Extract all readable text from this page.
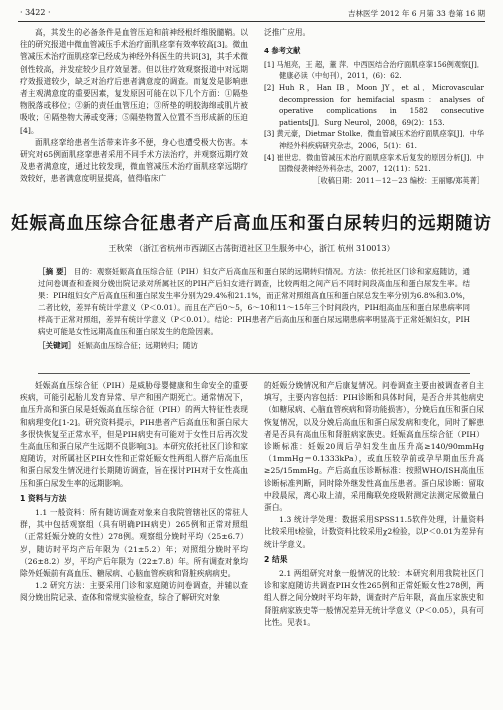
· 3422 ·	吉林医学 2012 年 6 月第 33 卷第 16 期

高，其发生的必备条件是血管压迫和前神经根纤维脱髓鞘。以往的研究报道中微血管减压手术治疗面肌痉挛有效率较高[3]。微血管减压术治疗面肌痉挛已经成为神经外科医生的共识[3]，其手术微创性较高，并发症较少且疗效显著。但以往疗效观察报道中对远期疗效报道较少，缺乏对治疗后患者满意度的调查。而复发是影响患者主观满意度的重要因素，复发原因可能在以下几个方面：①隔垫物脱落或移位；②新的责任血管压迫；③所垫的明胶海绵或肌片被吸收；④隔垫物大薄或变薄；⑤隔垫物置入位置不当形成新的压迫[4]。

面肌痉挛给患者生活带来许多不便，身心也遭受极大伤害。本研究对65例面肌痉挛患者采用不同手术方法治疗，并观察远期疗效及患者满意度，通过比较发现，微血管减压术治疗面肌痉挛远期疗效较好，患者满意度明显提高，值得临床广

泛推广应用。

4 参考文献

[1] 马旭亮，王 超，董 萍．中西医结合治疗面肌痉挛156例观察[J]．健康必读（中旬刊），2011，(6)：62.

[2] Huh R，Han IB，Moon JY，et al．Microvascular decompression for hemifacial spasm：analyses of operative complications in 1582 consecutive patients[J]．Surg Neurol，2008，69(2)：153.

[3] 黄元豪，Dietmar Stolke．微血管减压术治疗面肌痉挛[J]．中华神经外科疾病研究杂志，2006，5(1)：61.

[4] 崔世忠．微血管减压术治疗面肌痉挛术后复发的原因分析[J]．中国微侵袭神经外科杂志，2007，12(11)：521.

［收稿日期：2011－12－23 编校：王丽娜/郑英菁］

妊娠高血压综合征患者产后高血压和蛋白尿转归的远期随访
王秋荣 （浙江省杭州市西湖区古荡街道社区卫生服务中心，浙江 杭州 310013）

［摘 要］ 目的：观察妊娠高血压综合征（PIH）妇女产后高血压和蛋白尿的远期转归情况。方法：依托社区门诊和家庭随访，通过问卷调查和查阅分娩出院记录对所属社区的PIH产后妇女进行调查，比较两组之间产后不同时间段高血压和蛋白尿发生率。结果：PIH组妇女产后高血压和蛋白尿发生率分别为29.4%和21.1%，而正常对照组高血压和蛋白尿总发生率分别为6.8%和3.0%，二者比较，差异有统计学意义（P＜0.01）。而且在产后0～5，6～10和11～15年三个时间段内，PIH组高血压和蛋白尿患病率同样高于正常对照组，差异有统计学意义（P＜0.01）。结论：PIH患者产后高血压和蛋白尿远期患病率明显高于正常妊娠妇女，PIH病史可能是女性远期高血压和蛋白尿发生的危险因素。

［关键词］ 妊娠高血压综合征；远期转归；随访

妊娠高血压综合征（PIH）是威胁母婴健康和生命安全的重要疾病，可能引起胎儿发育异常、早产和围产期死亡。通常情况下，血压升高和蛋白尿是妊娠高血压综合征（PIH）的两大特征性表现和病理变化[1-2]。研究资料提示，PIH患者产后高血压和蛋白尿大多很快恢复至正常水平，但是PIH病史有可能对于女性日后再次发生高血压和蛋白尿产生远期不良影响[3]。本研究依托社区门诊和家庭随访，对所属社区PIH女性和正常妊娠女性两组人群产后高血压和蛋白尿发生情况进行长期随访调查，旨在探讨PIH对于女性高血压和蛋白尿发生率的远期影响。

1 资料与方法

1.1 一般资料：所有随访调查对象来自我院管辖社区的常驻人群，其中包括观察组（具有明确PIH病史）265例和正常对照组（正常妊娠分娩的女性）278例。观察组分娩时平均（25±6.7）岁，随访时平均产后年限为（21±5.2）年；对照组分娩时平均（26±8.2）岁，平均产后年限为（22±7.8）年。所有调查对象均除外妊娠前有高血压、糖尿病、心脑血管疾病和肾脏疾病病史。

1.2 研究方法：主要采用门诊和家庭随访问卷调查，并辅以查阅分娩出院记录、查体和常规实验检查，综合了解研究对象

的妊娠分娩情况和产后康复情况。问卷调查主要由被调查者自主填写，主要内容包括：PIH诊断和具体时间，是否合并其他病史（如糖尿病、心脑血管疾病和肾功能损害），分娩后血压和蛋白尿恢复情况，以及分娩后高血压和蛋白尿发病和变化，同时了解患者是否具有高血压和肾脏病家族史。妊娠高血压综合征（PIH）诊断标准：妊娠20周后孕妇发生血压升高≥140/90mmHg（1mmHg＝0.1333kPa），或血压较孕前或孕早期血压升高≥25/15mmHg。产后高血压诊断标准：按照WHO/ISH高血压诊断标准判断，同时除外继发性高血压患者。蛋白尿诊断：留取中段晨尿，离心取上清，采用酶联免疫吸附测定法测定尿微量白蛋白。

1.3 统计学处理：数据采用SPSS11.5软件处理，计量资料比较采用t检验，计数资料比较采用χ2检验，以P＜0.01为差异有统计学意义。

2 结果

2.1 两组研究对象一般情况的比较：本研究利用我院社区门诊和家庭随访共调查PIH女性265例和正常妊娠女性278例，两组人群之间分娩时平均年龄，调查时产后年限，高血压家族史和肾脏病家族史等一般情况差异无统计学意义（P＜0.05），具有可比性。见表1。
